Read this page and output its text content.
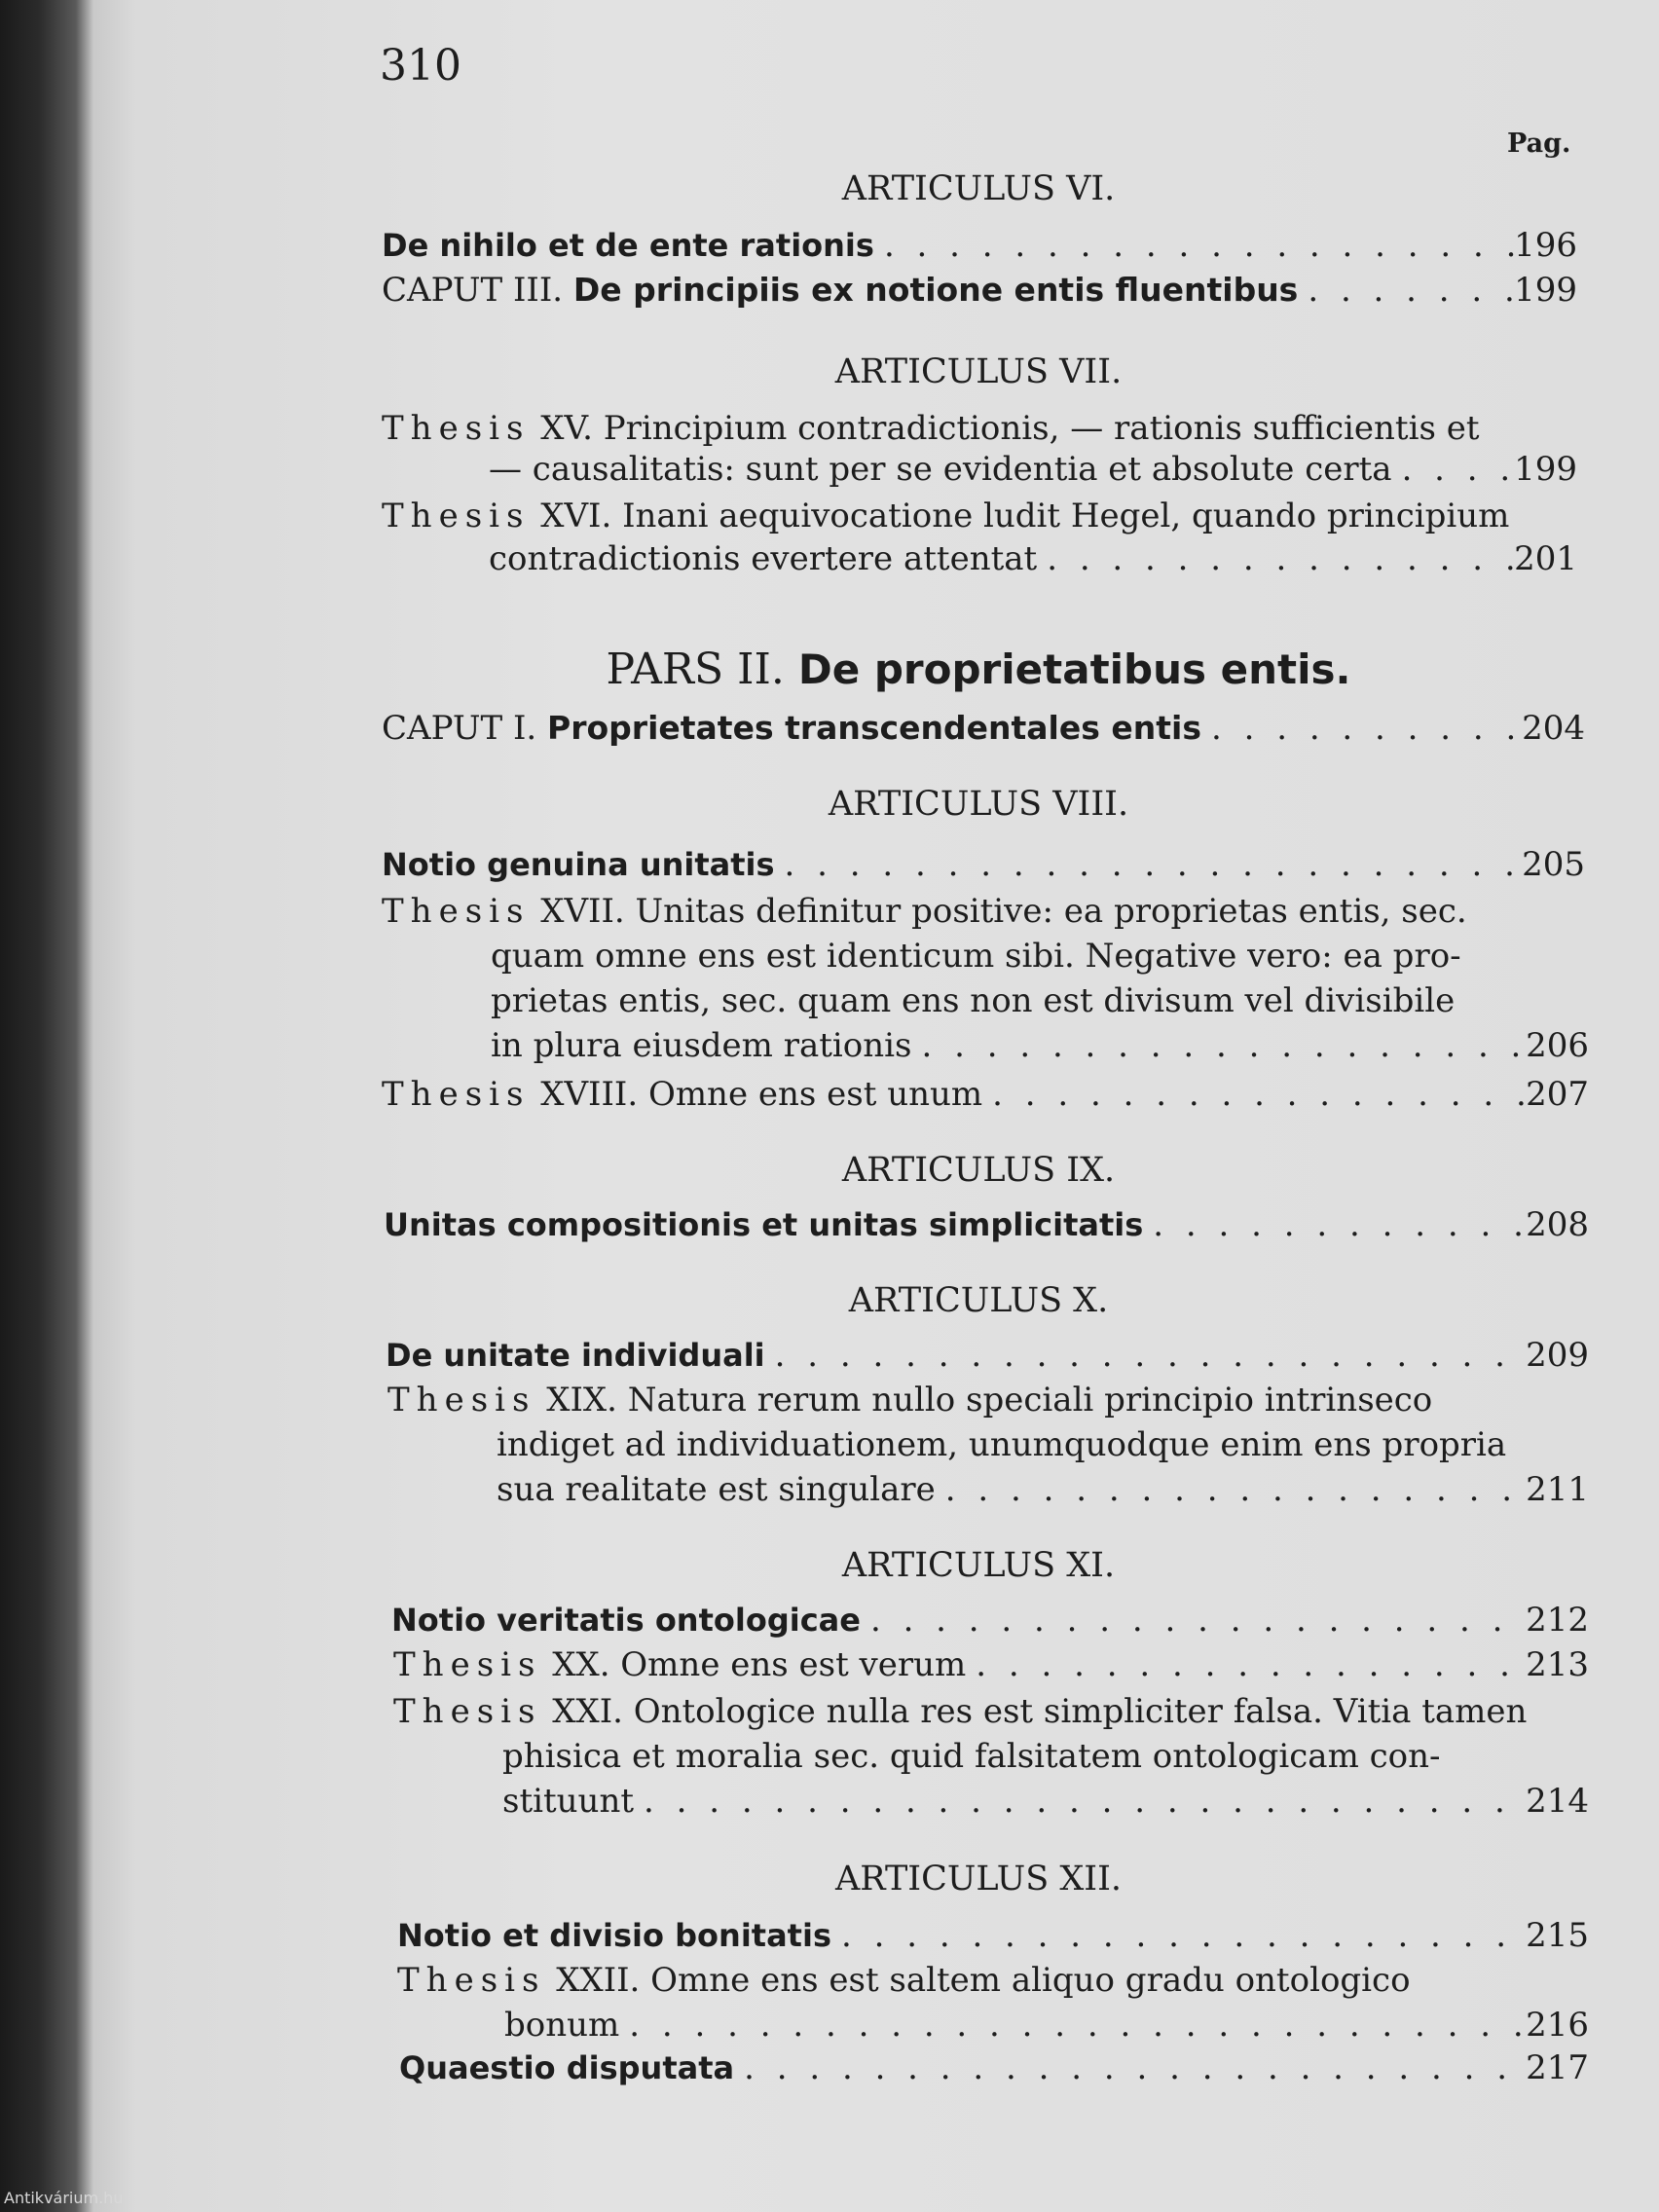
310
Pag.
ARTICULUS VI.
De nihilo et de ente rationis . . .	196
CAPUT III. De principiis ex notione entis fluentibus . . .	199
ARTICULUS VII.
Thesis XV. Principium contradictionis, — rationis sufficientis et
— causalitatis: sunt per se evidentia et absolute certa . . .	199
Thesis XVI. Inani aequivocatione ludit Hegel, quando principium
contradictionis evertere attentat . . .	201
PARS II. De proprietatibus entis.
CAPUT I. Proprietates transcendentales entis . . .	204
ARTICULUS VIII.
Notio genuina unitatis . . .	205
Thesis XVII. Unitas definitur positive: ea proprietas entis, sec.
quam omne ens est identicum sibi. Negative vero: ea pro-
prietas entis, sec. quam ens non est divisum vel divisibile
in plura eiusdem rationis . . .	206
Thesis XVIII. Omne ens est unum . . .	207
ARTICULUS IX.
Unitas compositionis et unitas simplicitatis . . .	208
ARTICULUS X.
De unitate individuali . . .	209
Thesis XIX. Natura rerum nullo speciali principio intrinseco
indiget ad individuationem, unumquodque enim ens propria
sua realitate est singulare . . .	211
ARTICULUS XI.
Notio veritatis ontologicae . . .	212
Thesis XX. Omne ens est verum . . .	213
Thesis XXI. Ontologice nulla res est simpliciter falsa. Vitia tamen
phisica et moralia sec. quid falsitatem ontologicam con-
stituunt . . .	214
ARTICULUS XII.
Notio et divisio bonitatis . . .	215
Thesis XXII. Omne ens est saltem aliquo gradu ontologico
bonum . . .	216
Quaestio disputata . . .	217
Antikvárium.hu
